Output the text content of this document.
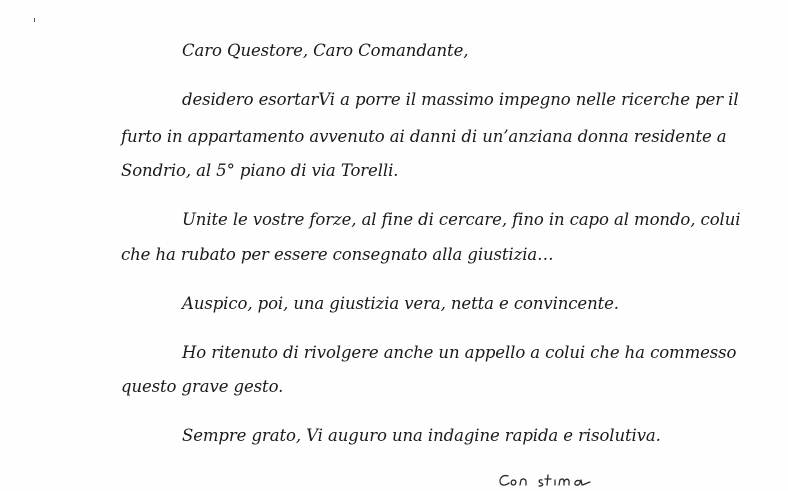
Caro Questore, Caro Comandante,
desidero esortarVi a porre il massimo impegno nelle ricerche per il
furto in appartamento avvenuto ai danni di un’anziana donna residente a
Sondrio, al 5° piano di via Torelli.
Unite le vostre forze, al fine di cercare, fino in capo al mondo, colui
che ha rubato per essere consegnato alla giustizia…
Auspico, poi, una giustizia vera, netta e convincente.
Ho ritenuto di rivolgere anche un appello a colui che ha commesso
questo grave gesto.
Sempre grato, Vi auguro una indagine rapida e risolutiva.
